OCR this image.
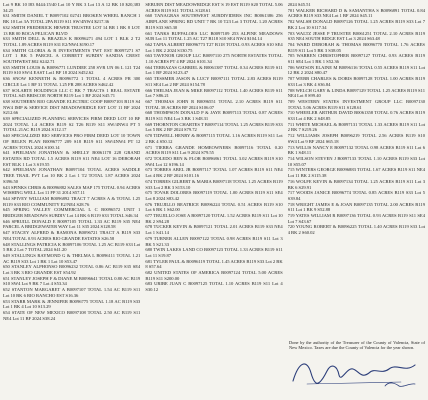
Lot 9 BK 10 I83 8444:15/40 Lot 10 Y BK 3 Lot 13 A 12 BK 10 $20,383 34.25

631 SMITH DANIEL T B0097102 02741 BROKEN WHEEL RANCH 1 BK 10 Lot 3A TOTAL 2PA B119 S11 SW/4NW4 $217.36

632 SMITH FREDERICK HEWER TRUSTEE LOT 14 BR 1 BK 8 LOT 13 BR 00 BOCA PELICAN BLVD

633 SMITH DELL & BRAZILS K B0096271 494 LOT 1 BLK 2 T2 TOTAL 1.89 ACRES B119 S31 E2/NW4 $190.17

634 SMITH GLORIA & R INVESTMENTS TWT EST B0097271 S7 LOT 1 BK 5 PARCEL A CORBETT SUBDIV SANDIA CREST SOUTHWEST $02 S242.71

635 SMITH LOUIS & B0096771 LUNDIEE 258 SVR UN 06 L 121 T24 B119 S10 SW/4 EAST Lot1 BF 18 2024 S452.62

636 SNOW KENNETH & B0096772 1 TOTAL 4 ACRES FR 300 CIRCLE Lot 1 BF 31 TOTAL 1.25 FR 288 ACRES S462.42

637 SOLARTE HOLDINGS LLC C BK 7 TRACTS 1 REAL ESTATE TOTAL S45 BRISCOE NORTH B119 Lot 1 BF 2024 S45.71

638 SOUTHERN RIO GRANDE ELECTRIC COOP B0097103 B119 S4 NW4 IMP & SERVICE DIST MEADOWRIDGE EST LOT 11 BF 2024 S212.66

639 SPECIALIZED PLANNING SERVICES FIRM DEED LOT 10 BF 2024 TOTAL 1.4 ACRES B119 S2 T26 B119 S11 SW/4NW4 PT 5 TOTAL 21AC B119 2024 S112.17

640 SPECIALIZED RIO SERVICES PRO FIRM DEED LOT 10 TOWN OF BELEN PLAN B0096777 209 S18 B119 S11 SW/4NW4 PT 12 ACRES TOTAL 2024 S100.14

641 SPIELMAN JONATHAN & SHELLY B0061178 228 GRAND ESTATES RD TOTAL 1.5 ACRES B119 S11 NE4 LOT 16 DEBORAH EST BLK 1 Lot 3 S19.55

642 SPIELMAN JONATHAN B0097104 TOTAL ACRES SADDLE TREE TRAIL PVT Lot 10 BK 2 Lot 1 T2 TOTAL 1.87 ACRES 2024 S396.50

643 SPINKS CHRIS & B0096882 SALES MAP 175 TOTAL 0.94 ACRES WISHING WELL Lot 11 FP 31 2014 S57.11

644 SPIVEY WILLIAM B0096892 TRACT 7 ACRES A & TOTAL 1.25 B119 S33 RIO COMMUNITY E2/NE4 S28.76

645 SPRING VALLEY COMMERCIAL L C B0096572 UNIT 1 BRIDGER MEADOWS SUBDIV Lot 14 BK 6 B119 S33 TOTAL S46.34

646 SPRUILL DONALD E B0097105 TOTAL 1.33 AC B119 S35 NE4 PARCEL A BRIDGEWATER WAY Lot 11 S35 2024 S128.58

647 STACEY ALFRED & RAMONA B0096721 TRACT A B119 S33 NE4 TOTAL 0.93 ACRES RIO GRANDE ESTATES S26.58

648 STALLINGS PATRICIA K B0097106 TOTAL 1.25 AC B119 S33 Lot 5 BK 2 Lot 7 TOTAL 2024 S41.20

649 STALLINGS RAYMOND G & THELMA L B0096111 TOTAL 1.21 AC B119 S33 Lot 1 BK 1 Lot 10 S53.47

650 STANLEY ALPHONSO B0096232 TOTAL 0.86 AC B119 S35 SE4 Lot 3 BK 3 RIO GRANDE EST S54.92

651 STANLEY JOSEPH F & DIANE M B0096641 TOTAL 0.80 AC B119 S10 SW4 Lot 9 BK 7 Lot 4 S53.34

652 STANTON MARGARET A B0097107 TOTAL 1.54 AC B119 S11 Lot 10 BK 6 RIO RANCHO EST S16.36

653 STARR MARK & JENNIFER B0096775 TOTAL 1.18 AC B119 S33 Lot 1 BK 4 Lot 10 S13.29

654 STATE OF NEW MEXICO B0097108 TOTAL 2.50 AC B119 S11 NE4 Lot 11 BF 2024 S38.24

SEBURN DIST MEADOWRIDGE EST S 19 EST B119 S20 TOTAL 5.06 ACRES B119 S11 TOTAL S128.61

660 TANAGRAS SOUTHWEST SUBDIVIDERS INC B0061386 256 AIRPLANE SPRING RD UNIT 7 BK 10 T23 Lot 3 TOTAL 1.20 ACRES B119 S33 S65.30

661 TANKS BUFFALOES LLC B0097109 253 ALPINE MEADOWS SUB Lot 11 TOTAL 1.25 AC T27 B118 S10 SE4 NW4 $104.14

662 TAPIA ALBERT B0096773 T27 B118 TOTAL 0.93 ACRES S10 SE4 Lot 1 BK 2 2024 S130.75

663 TAVENOR GROUP LLC B0097110 275 NORTH ESTATES TOTAL 1.10 ACRES PT 4 BF 2024 S101.34

664 TERRAZAS GABRIEL & B0061387 TOTAL 0.34 ACRES B119 S11 Lot 1 BF 2024 S123.47

665 TESSMER JASON & LUCY B0097111 TOTAL 2.83 ACRES B119 S11 SE4 Lot 2 BF 2024 S154.78

666 THELMA JEAN & MIKE B0097112 TOTAL 1.40 ACRES B119 S11 Lot 7 S86.21

667 THOMAS JOHN R B0096551 TOTAL 2.10 ACRES B119 S11 TOTAL 38 ACRES BF 2024 S106.07

668 THOMPSON DONALD P & JAYE B0097113 TOTAL 0.87 ACRES B119 S11 NE4 Lot 3 BK 1 S48.31

669 THORNTON CHARTES T B0097114 TOTAL 1.25 ACRES B119 S33 Lot 5 BK 2 BF 2024 S79.72

670 TIDWELL HENRY & B0097115 TOTAL 1.16 ACRES B119 S11 Lot 2 BK 4 S50.12

671 TIERRA GRANDE HOMEOWNERS B0097116 TOTAL 0.20 ACRES B119 S11 Lot 9 2024 S79.55

672 TOLEDO BEN & FLOR B0096861 TOTAL 3.02 ACRES B119 S10 SW4 Lot 12 S196.14

673 TORRES ABEL JR B0097117 TOTAL 1.07 ACRES B119 S11 NE4 Lot 4 BK 2 BF 2024 S101.16

674 TORRES GILBERT & MARIA B0097118 TOTAL 1.25 ACRES B119 S33 Lot 2 BK 3 S153.10

675 TOVAR DOLORES B0097119 TOTAL 1.00 ACRES B119 S11 SE4 Lot 8 2024 S83.42

676 TRUJILLO BEATRICE B0096224 TOTAL 0.51 ACRES B119 S10 Lot 6 BK 1 S62.00

677 TRUJILLO JOSE A B0097120 TOTAL 1.52 ACRES B119 S11 Lot 10 BK 2 S94.28

678 TUCKER KEVIN & B0097121 TOTAL 2.01 ACRES B119 S33 NE4 Lot 1 S41.14

679 TURNER ALLEN B0097122 TOTAL 0.98 ACRES B119 S11 Lot 3 BK 5 S21.33

680 TWIN LAKES LAND CO B0097123 TOTAL 1.33 ACRES B119 S11 Lot 11 S19.87

681 TYLER PAUL & B0096119 TOTAL 1.45 ACRES B119 S33 Lot 2 BK 8 S57.64

682 UNITED STATES OF AMERICA B0097124 TOTAL 5.00 ACRES B119 S11 S200.00

683 URIBE JUAN C B0097125 TOTAL 1.10 ACRES B119 S11 Lot 4 S30.12

2024 S45.51

701 WALKER RICHARD D & SAMANTHA S B0096891 TOTAL 0.84 ACRES B119 S33 NE4 Lot 1 BF 2024 S45.11

702 WALSH DONALD B0097126 TOTAL 1.25 ACRES B119 S33 Lot 7 BK 2 Lot 10 S117.34

703 WALTZ JESSE P TRUSTEE B0061251 TOTAL 2.10 ACRES B119 S35 NE4 SOUTH RIDGE EST Lot 3 2024 S63.48

704 WARD DEBORAH & THOMAS B0096770 TOTAL 1.76 ACRES B119 S11 Lot 5 BK 3 S38.05

705 WARREN CHRISTOPHER B0097127 TOTAL 0.93 ACRES B119 S11 SE4 Lot 1 BK 1 S52.36

706 WATSON ELAINE M B0096116 TOTAL 0.55 ACRES B119 S11 Lot 12 BK 2 2024 S80.47

707 WEBB CHARLES & DORIS B0097128 TOTAL 1.00 ACRES B119 S33 Lot 3 BK 4 S36.84

708 WELCH GARY & LINDA B0097129 TOTAL 1.25 ACRES B119 S11 NE4 Lot 8 S99.40

709 WESTERN STATES INVESTMENT GROUP LLC B0097130 TOTAL 5.06 ACRES B119 S11 S128.61

710 WHEELER ARTHUR DAVID B0061358 TOTAL 0.76 ACRES B119 S33 Lot 4 BK 2 S48.85

711 WHITE MICHAEL & B0097131 TOTAL 1.33 ACRES B119 S11 Lot 2 BK 7 S219.26

712 WILLIAMS JOSEPH B0096219 TOTAL 2.56 ACRES B119 S10 SW4 Lot 9 BF 2024 S65.18

713 WILLIS NANCY E B0097132 TOTAL 0.98 ACRES B119 S11 Lot 6 BK 1 S48.11

714 WILSON STEVEN J B0097133 TOTAL 1.10 ACRES B119 S33 Lot 10 S55.07

715 WINTERS GEORGE B0096883 TOTAL 1.67 ACRES B119 S11 NE4 Lot 11 BK 2 S115.38

716 WOLFE KEVIN & B0097134 TOTAL 1.25 ACRES B119 S11 Lot 3 BK 6 S29.91

717 WOODS JANICE B0096774 TOTAL 0.85 ACRES B119 S33 Lot 5 S39.84

718 WRIGHT JAMES E & JOAN B0097135 TOTAL 2.00 ACRES B119 S11 Lot 1 BK 9 S52.88

719 YATES WILLIAM R B0097136 TOTAL 0.93 ACRES B119 S11 SE4 Lot 7 S43.67

720 YOUNG ROBERT & B0096225 TOTAL 1.40 ACRES B119 S33 Lot 4 BK 2 S60.02

Done by the authority of the Treasurer of the County of Valencia, State of New Mexico. Taxes are due the County of Valencia for the year shown.
